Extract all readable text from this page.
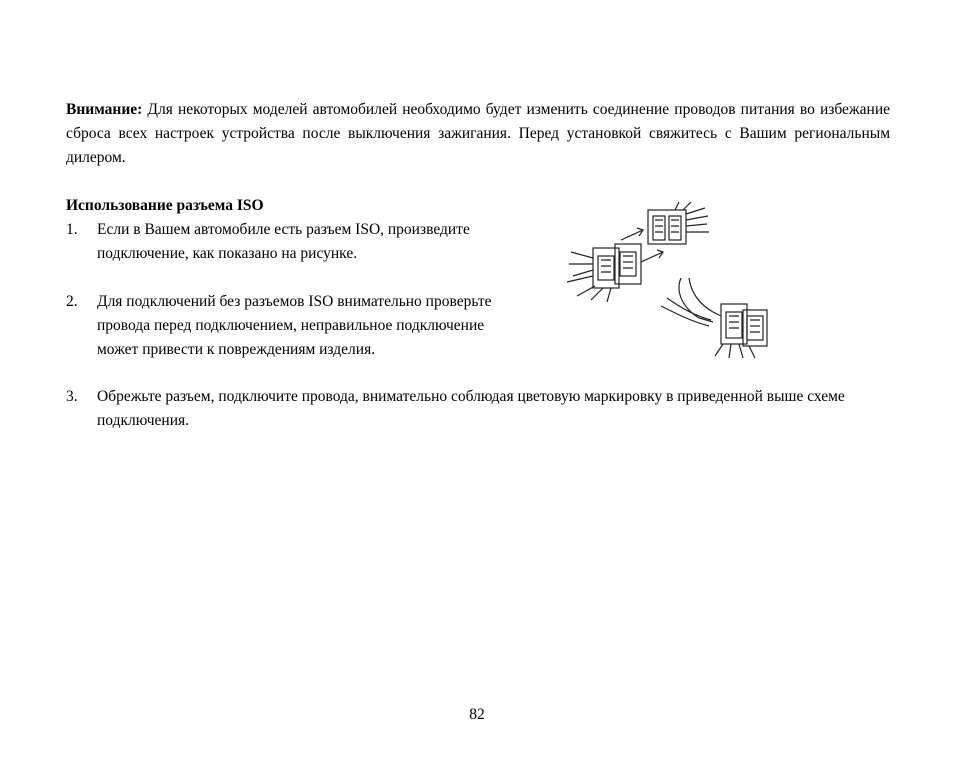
Внимание: Для некоторых моделей автомобилей необходимо будет изменить соединение проводов питания во избежание сброса всех настроек устройства после выключения зажигания. Перед установкой свяжитесь с Вашим региональным дилером.
Использование разъема ISO
1. Если в Вашем автомобиле есть разъем ISO, произведите
подключение, как показано на рисунке.
2. Для подключений без разъемов ISO внимательно проверьте
провода перед подключением, неправильное подключение
может привести к повреждениям изделия.
3. Обрежьте разъем, подключите провода, внимательно соблюдая цветовую маркировку в приведенной выше схеме подключения.
82
